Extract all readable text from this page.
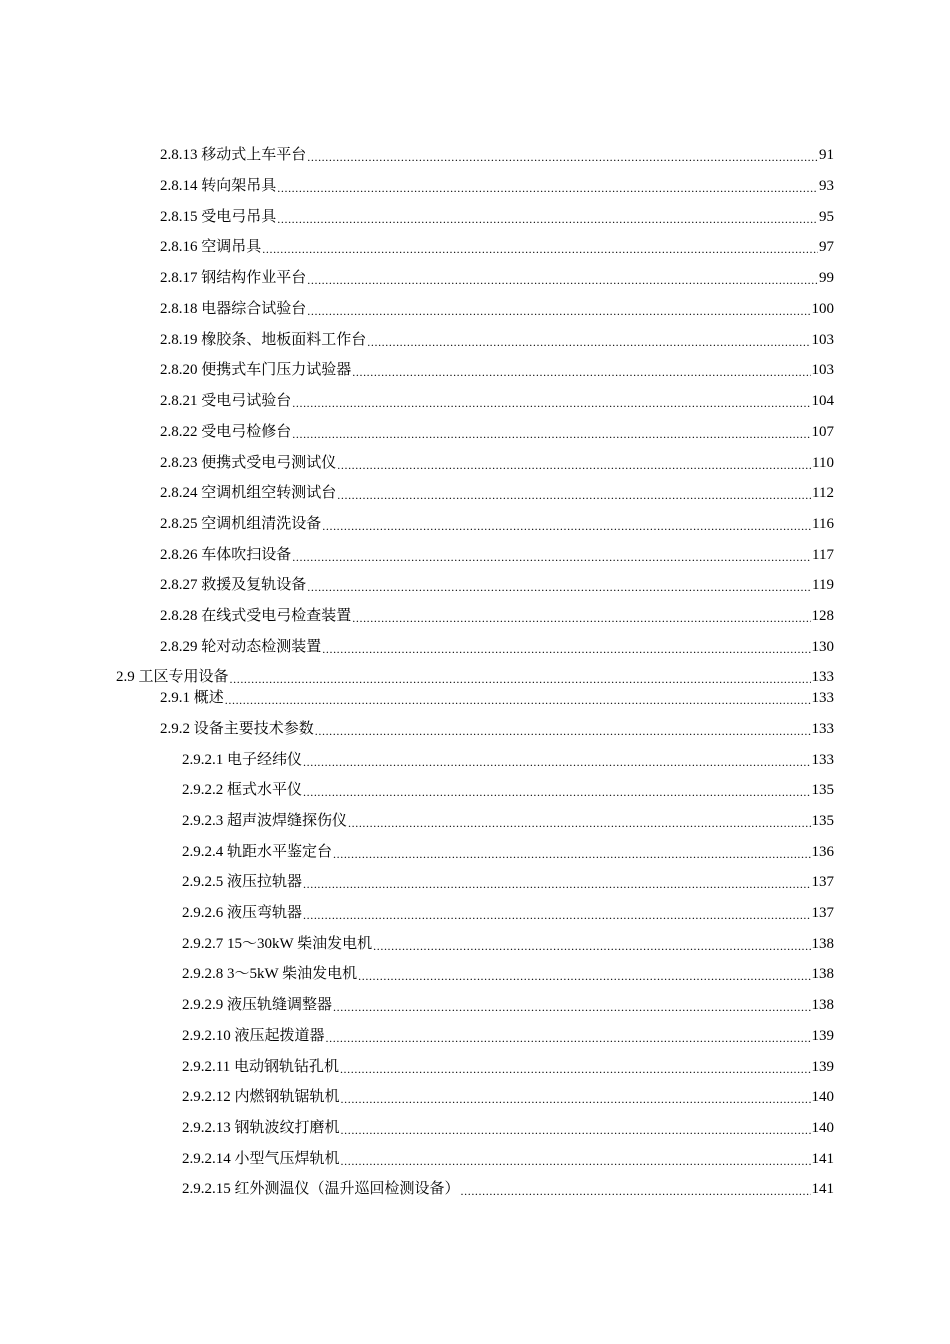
2.8.13 移动式上车平台 .....	91
2.8.14 转向架吊具 .....	93
2.8.15 受电弓吊具 .....	95
2.8.16 空调吊具 .....	97
2.8.17 钢结构作业平台 .....	99
2.8.18 电器综合试验台 .....	100
2.8.19 橡胶条、地板面料工作台 .....	103
2.8.20 便携式车门压力试验器 .....	103
2.8.21 受电弓试验台 .....	104
2.8.22 受电弓检修台 .....	107
2.8.23 便携式受电弓测试仪 .....	110
2.8.24 空调机组空转测试台 .....	112
2.8.25 空调机组清洗设备 .....	116
2.8.26 车体吹扫设备 .....	117
2.8.27 救援及复轨设备 .....	119
2.8.28 在线式受电弓检查装置 .....	128
2.8.29 轮对动态检测装置 .....	130
2.9 工区专用设备 .....	133
2.9.1 概述 .....	133
2.9.2 设备主要技术参数 .....	133
2.9.2.1 电子经纬仪 .....	133
2.9.2.2 框式水平仪 .....	135
2.9.2.3 超声波焊缝探伤仪 .....	135
2.9.2.4 轨距水平鉴定台 .....	136
2.9.2.5 液压拉轨器 .....	137
2.9.2.6 液压弯轨器 .....	137
2.9.2.7 15～30kW 柴油发电机 .....	138
2.9.2.8 3～5kW 柴油发电机 .....	138
2.9.2.9 液压轨缝调整器 .....	138
2.9.2.10 液压起拨道器 .....	139
2.9.2.11 电动钢轨钻孔机 .....	139
2.9.2.12 内燃钢轨锯轨机 .....	140
2.9.2.13 钢轨波纹打磨机 .....	140
2.9.2.14 小型气压焊轨机 .....	141
2.9.2.15 红外测温仪（温升巡回检测设备） .....	141
